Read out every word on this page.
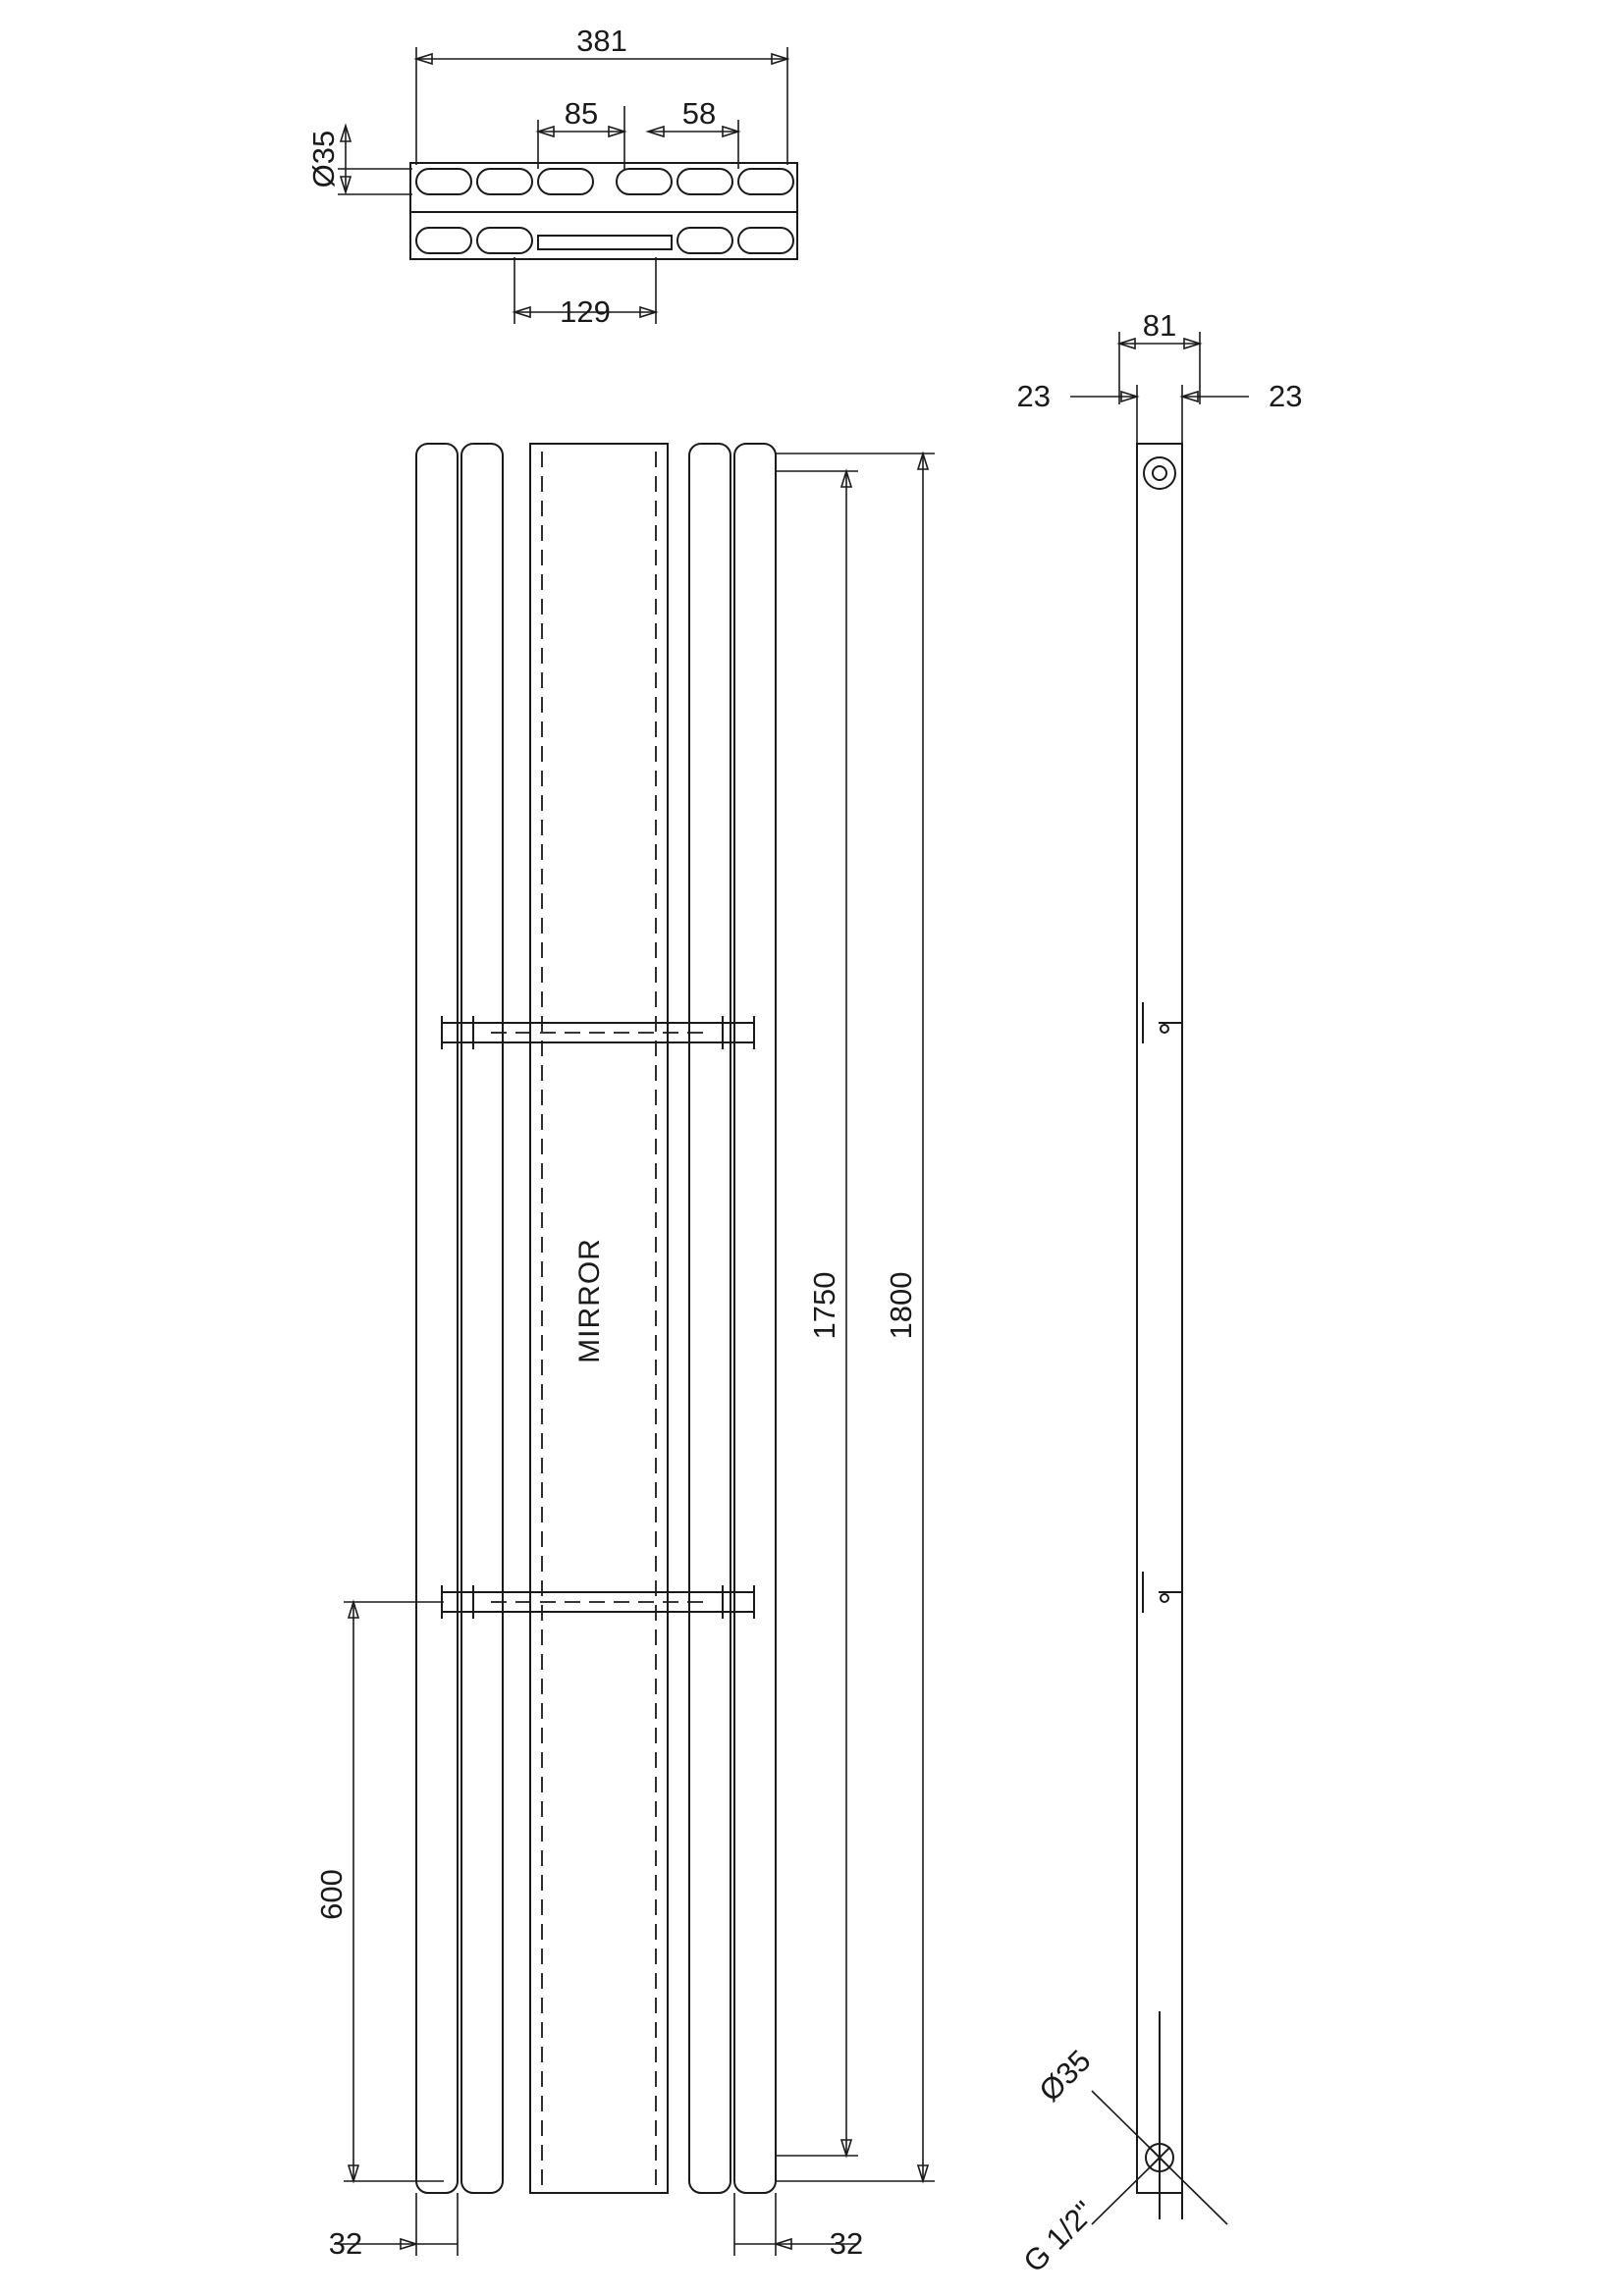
381
85	58
Ø35
129
MIRROR	1800
1750
600
32	32
81
23	23
Ø35
G 1/2"
